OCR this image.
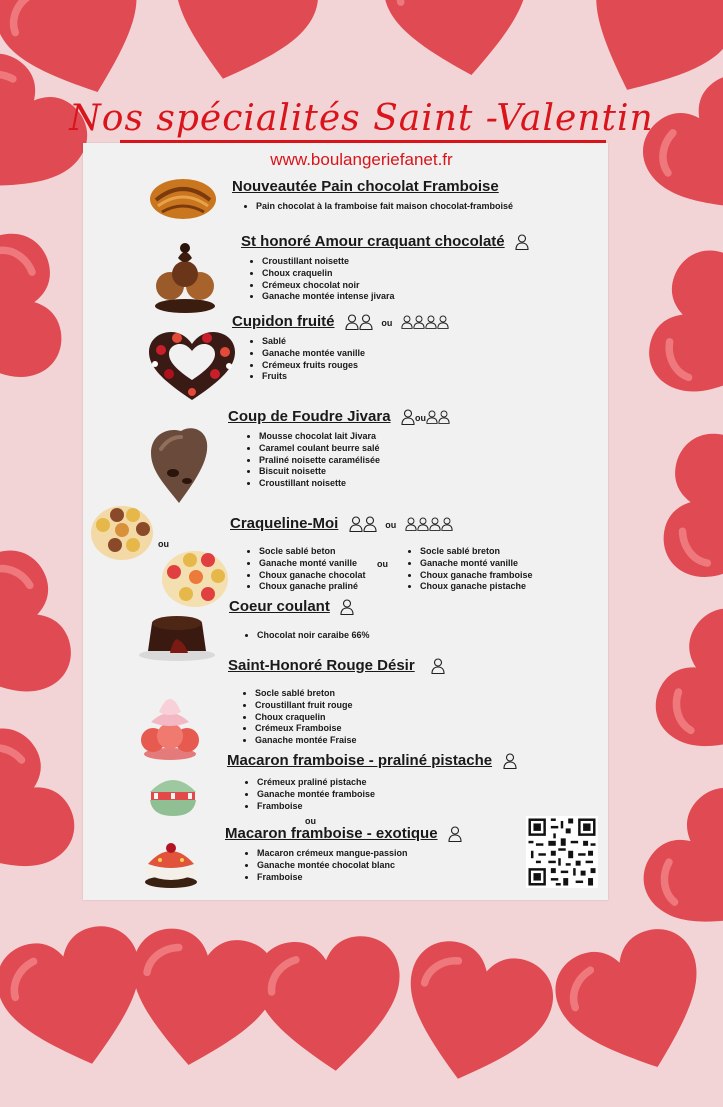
Nos spécialités Saint -Valentin
www.boulangeriefanet.fr
Nouveautée Pain chocolat Framboise
• Pain chocolat à la framboise fait maison chocolat-framboisé
St honoré Amour craquant chocolaté
• Croustillant noisette
• Choux craquelin
• Crémeux chocolat noir
• Ganache montée intense jivara
Cupidon fruité	ou
• Sablé
• Ganache montée vanille
• Crémeux fruits rouges
• Fruits
Coup de Foudre Jivara	ou
• Mousse chocolat lait Jivara
• Caramel coulant beurre salé
• Praliné noisette caramélisée
• Biscuit noisette
• Croustillant noisette
ou
Craqueline-Moi	ou
• Socle sablé beton
• Ganache monté vanille
• Choux ganache chocolat
• Choux ganache praliné
ou
• Socle sablé breton
• Ganache monté vanille
• Choux ganache framboise
• Choux ganache pistache
Coeur coulant
• Chocolat noir caraibe 66%
Saint-Honoré Rouge Désir
• Socle sablé breton
• Croustillant fruit rouge
• Choux craquelin
• Crémeux Framboise
• Ganache montée Fraise
Macaron framboise - praliné pistache
• Crémeux praliné pistache
• Ganache montée framboise
• Framboise
ou
Macaron framboise - exotique
• Macaron crémeux mangue-passion
• Ganache montée chocolat blanc
• Framboise
